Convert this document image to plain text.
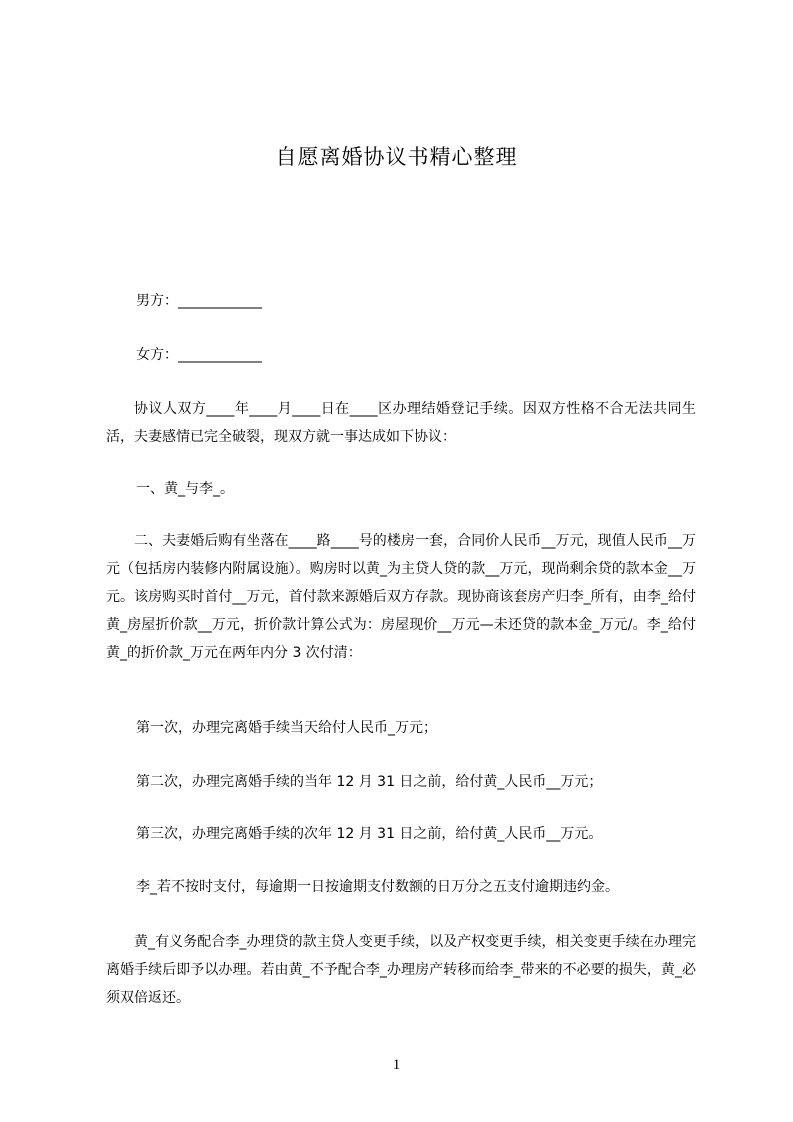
自愿离婚协议书精心整理
男方：____________
女方：____________
协议人双方____年____月____日在____区办理结婚登记手续。因双方性格不合无法共同生活，夫妻感情已完全破裂，现双方就一事达成如下协议：
一、黄_与李_。
二、夫妻婚后购有坐落在____路____号的楼房一套，合同价人民币__万元，现值人民币__万元（包括房内装修内附属设施）。购房时以黄_为主贷人贷的款__万元，现尚剩余贷的款本金__万元。该房购买时首付__万元，首付款来源婚后双方存款。现协商该套房产归李_所有，由李_给付黄_房屋折价款__万元，折价款计算公式为：房屋现价__万元—未还贷的款本金_万元/。李_给付黄_的折价款_万元在两年内分 3 次付清：
第一次，办理完离婚手续当天给付人民币_万元；
第二次，办理完离婚手续的当年 12 月 31 日之前，给付黄_人民币__万元；
第三次，办理完离婚手续的次年 12 月 31 日之前，给付黄_人民币__万元。
李_若不按时支付，每逾期一日按逾期支付数额的日万分之五支付逾期违约金。
黄_有义务配合李_办理贷的款主贷人变更手续，以及产权变更手续，相关变更手续在办理完离婚手续后即予以办理。若由黄_不予配合李_办理房产转移而给李_带来的不必要的损失，黄_必须双倍返还。
1
